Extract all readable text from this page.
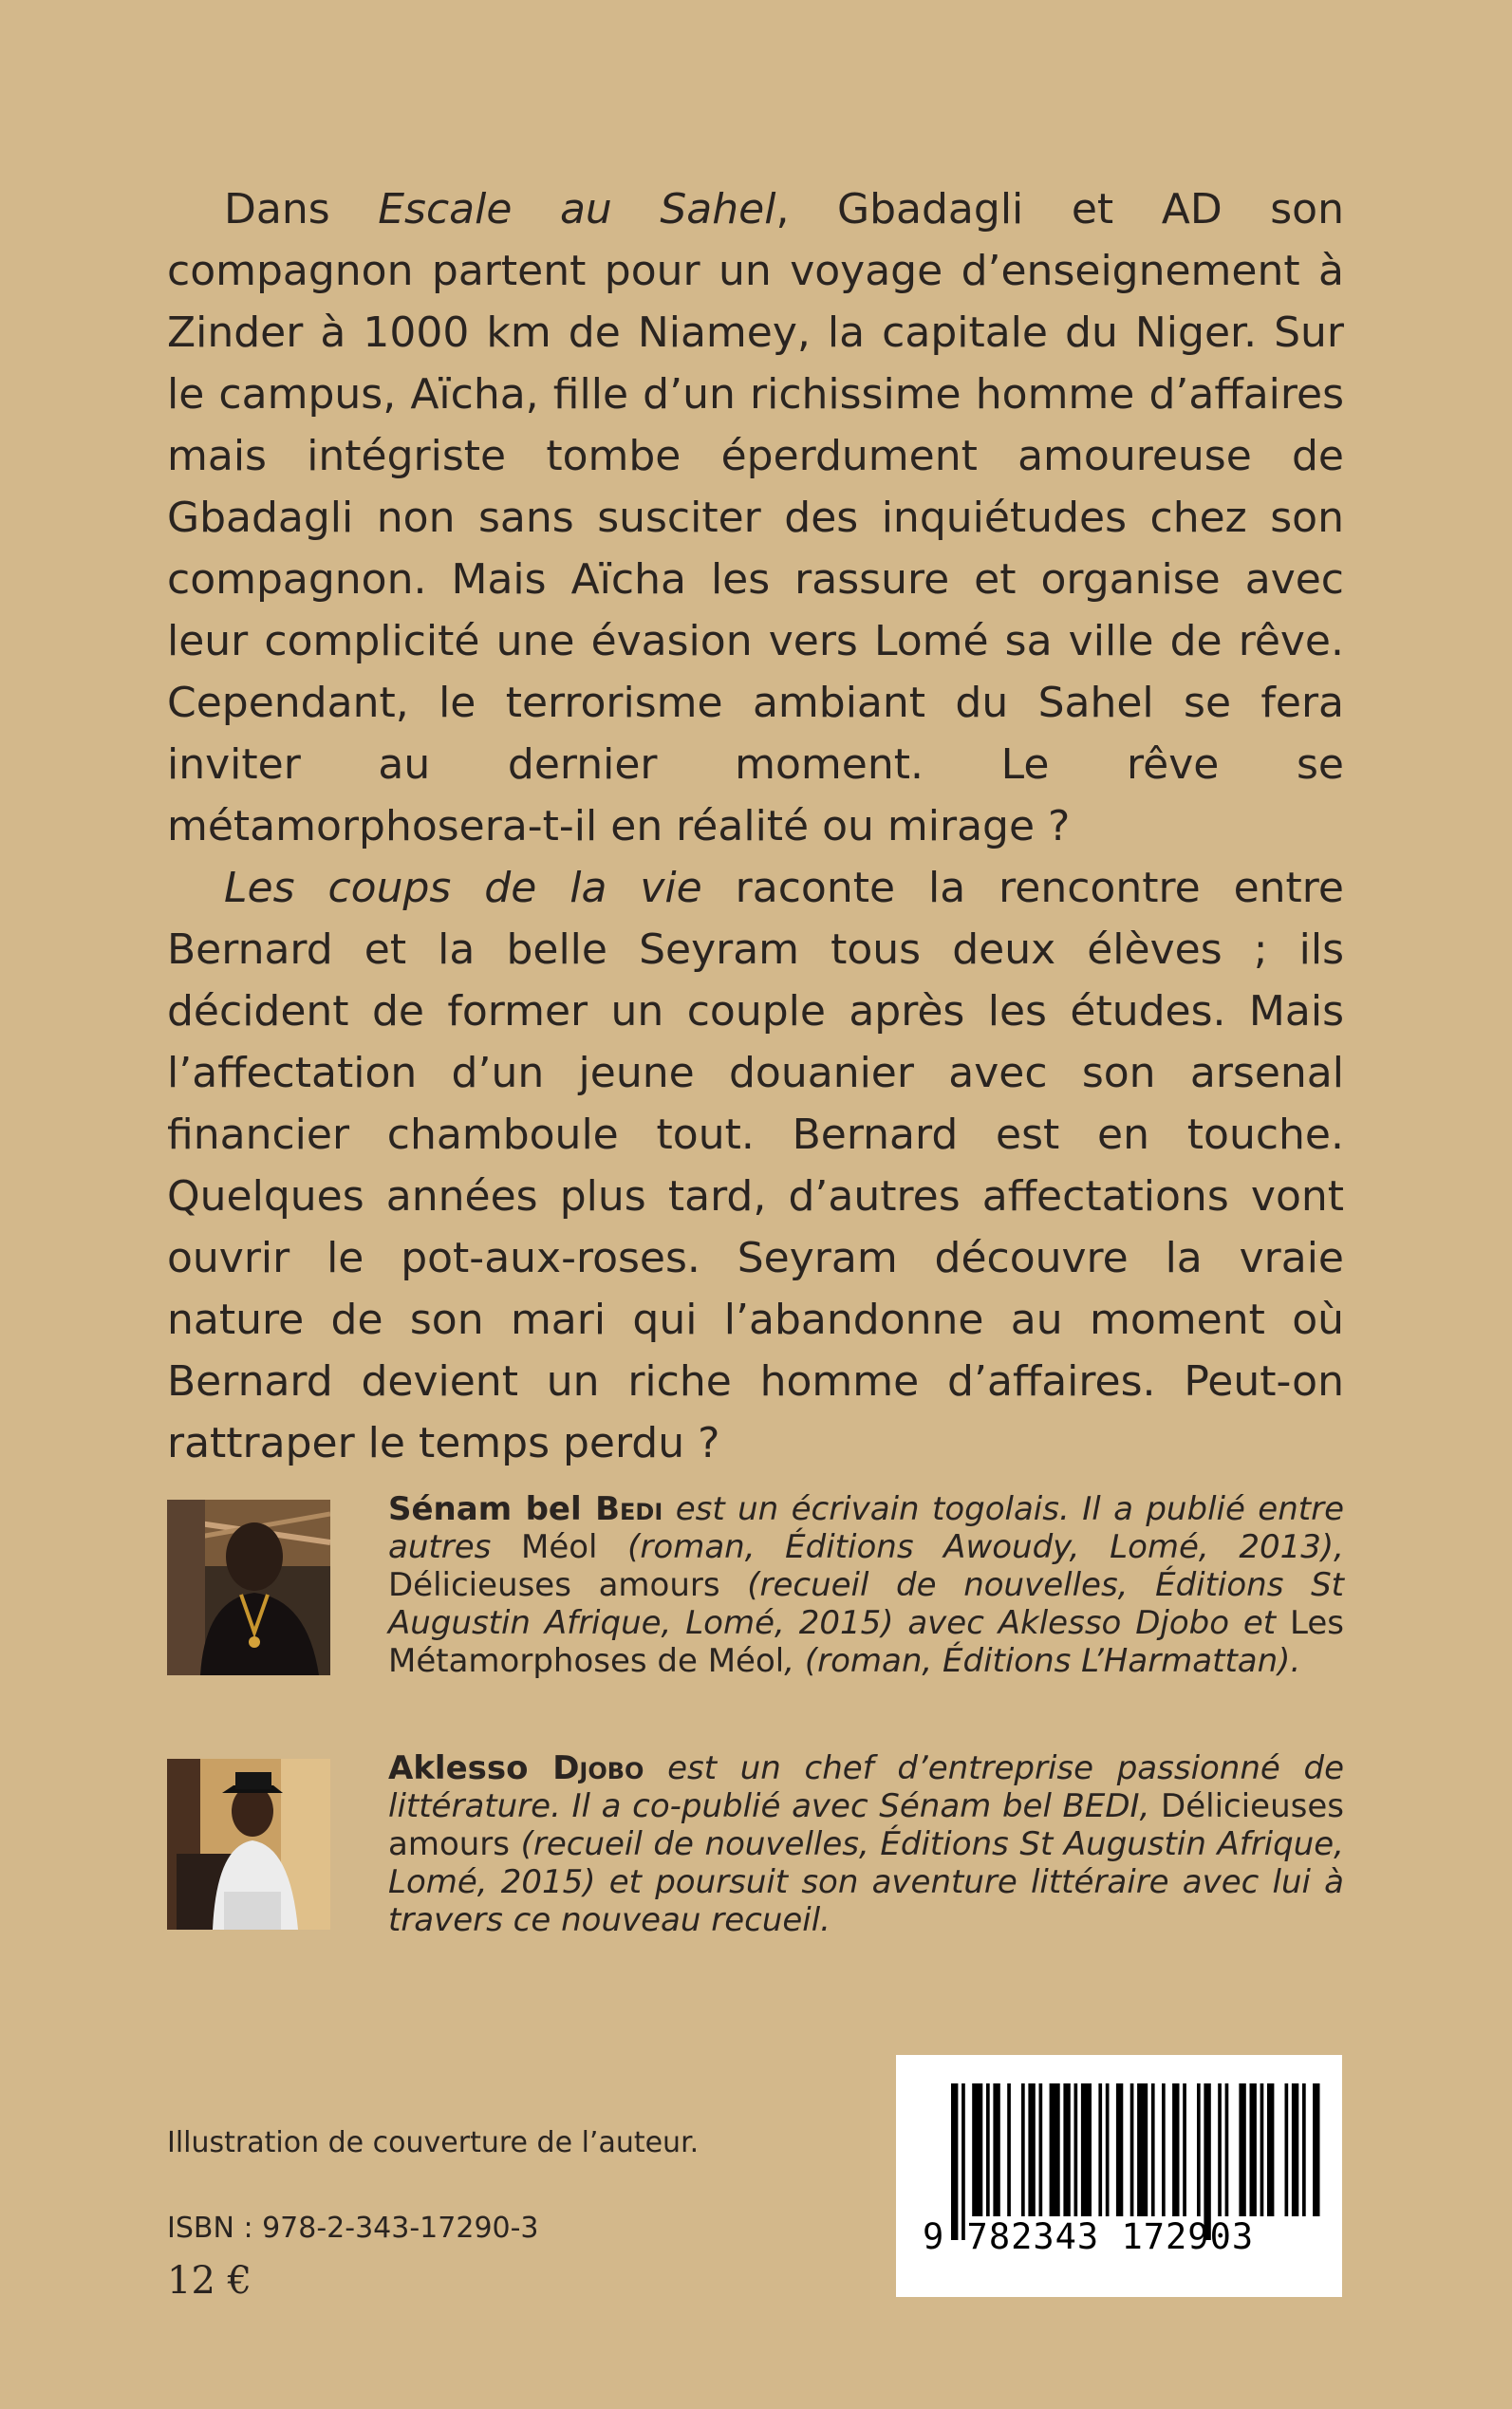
Dans Escale au Sahel, Gbadagli et AD son compagnon partent pour un voyage d’enseignement à Zinder à 1000 km de Niamey, la capitale du Niger. Sur le campus, Aïcha, fille d’un richissime homme d’affaires mais intégriste tombe éperdument amoureuse de Gbadagli non sans susciter des inquiétudes chez son compagnon. Mais Aïcha les rassure et organise avec leur complicité une évasion vers Lomé sa ville de rêve. Cependant, le terrorisme ambiant du Sahel se fera inviter au dernier moment. Le rêve se métamorphosera-t-il en réalité ou mirage ?

Les coups de la vie raconte la rencontre entre Bernard et la belle Seyram tous deux élèves ; ils décident de former un couple après les études. Mais l’affectation d’un jeune douanier avec son arsenal financier chamboule tout. Bernard est en touche. Quelques années plus tard, d’autres affectations vont ouvrir le pot-aux-roses. Seyram découvre la vraie nature de son mari qui l’abandonne au moment où Bernard devient un riche homme d’affaires. Peut-on rattraper le temps perdu ?

Sénam bel Bedi est un écrivain togolais. Il a publié entre autres Méol (roman, Éditions Awoudy, Lomé, 2013), Délicieuses amours (recueil de nouvelles, Éditions St Augustin Afrique, Lomé, 2015) avec Aklesso Djobo et Les Métamorphoses de Méol, (roman, Éditions L’Harmattan).

Aklesso Djobo est un chef d’entreprise passionné de littérature. Il a co-publié avec Sénam bel BEDI, Délicieuses amours (recueil de nouvelles, Éditions St Augustin Afrique, Lomé, 2015) et poursuit son aventure littéraire avec lui à travers ce nouveau recueil.

Illustration de couverture de l’auteur.
ISBN : 978-2-343-17290-3
12 €
9 782343 172903
